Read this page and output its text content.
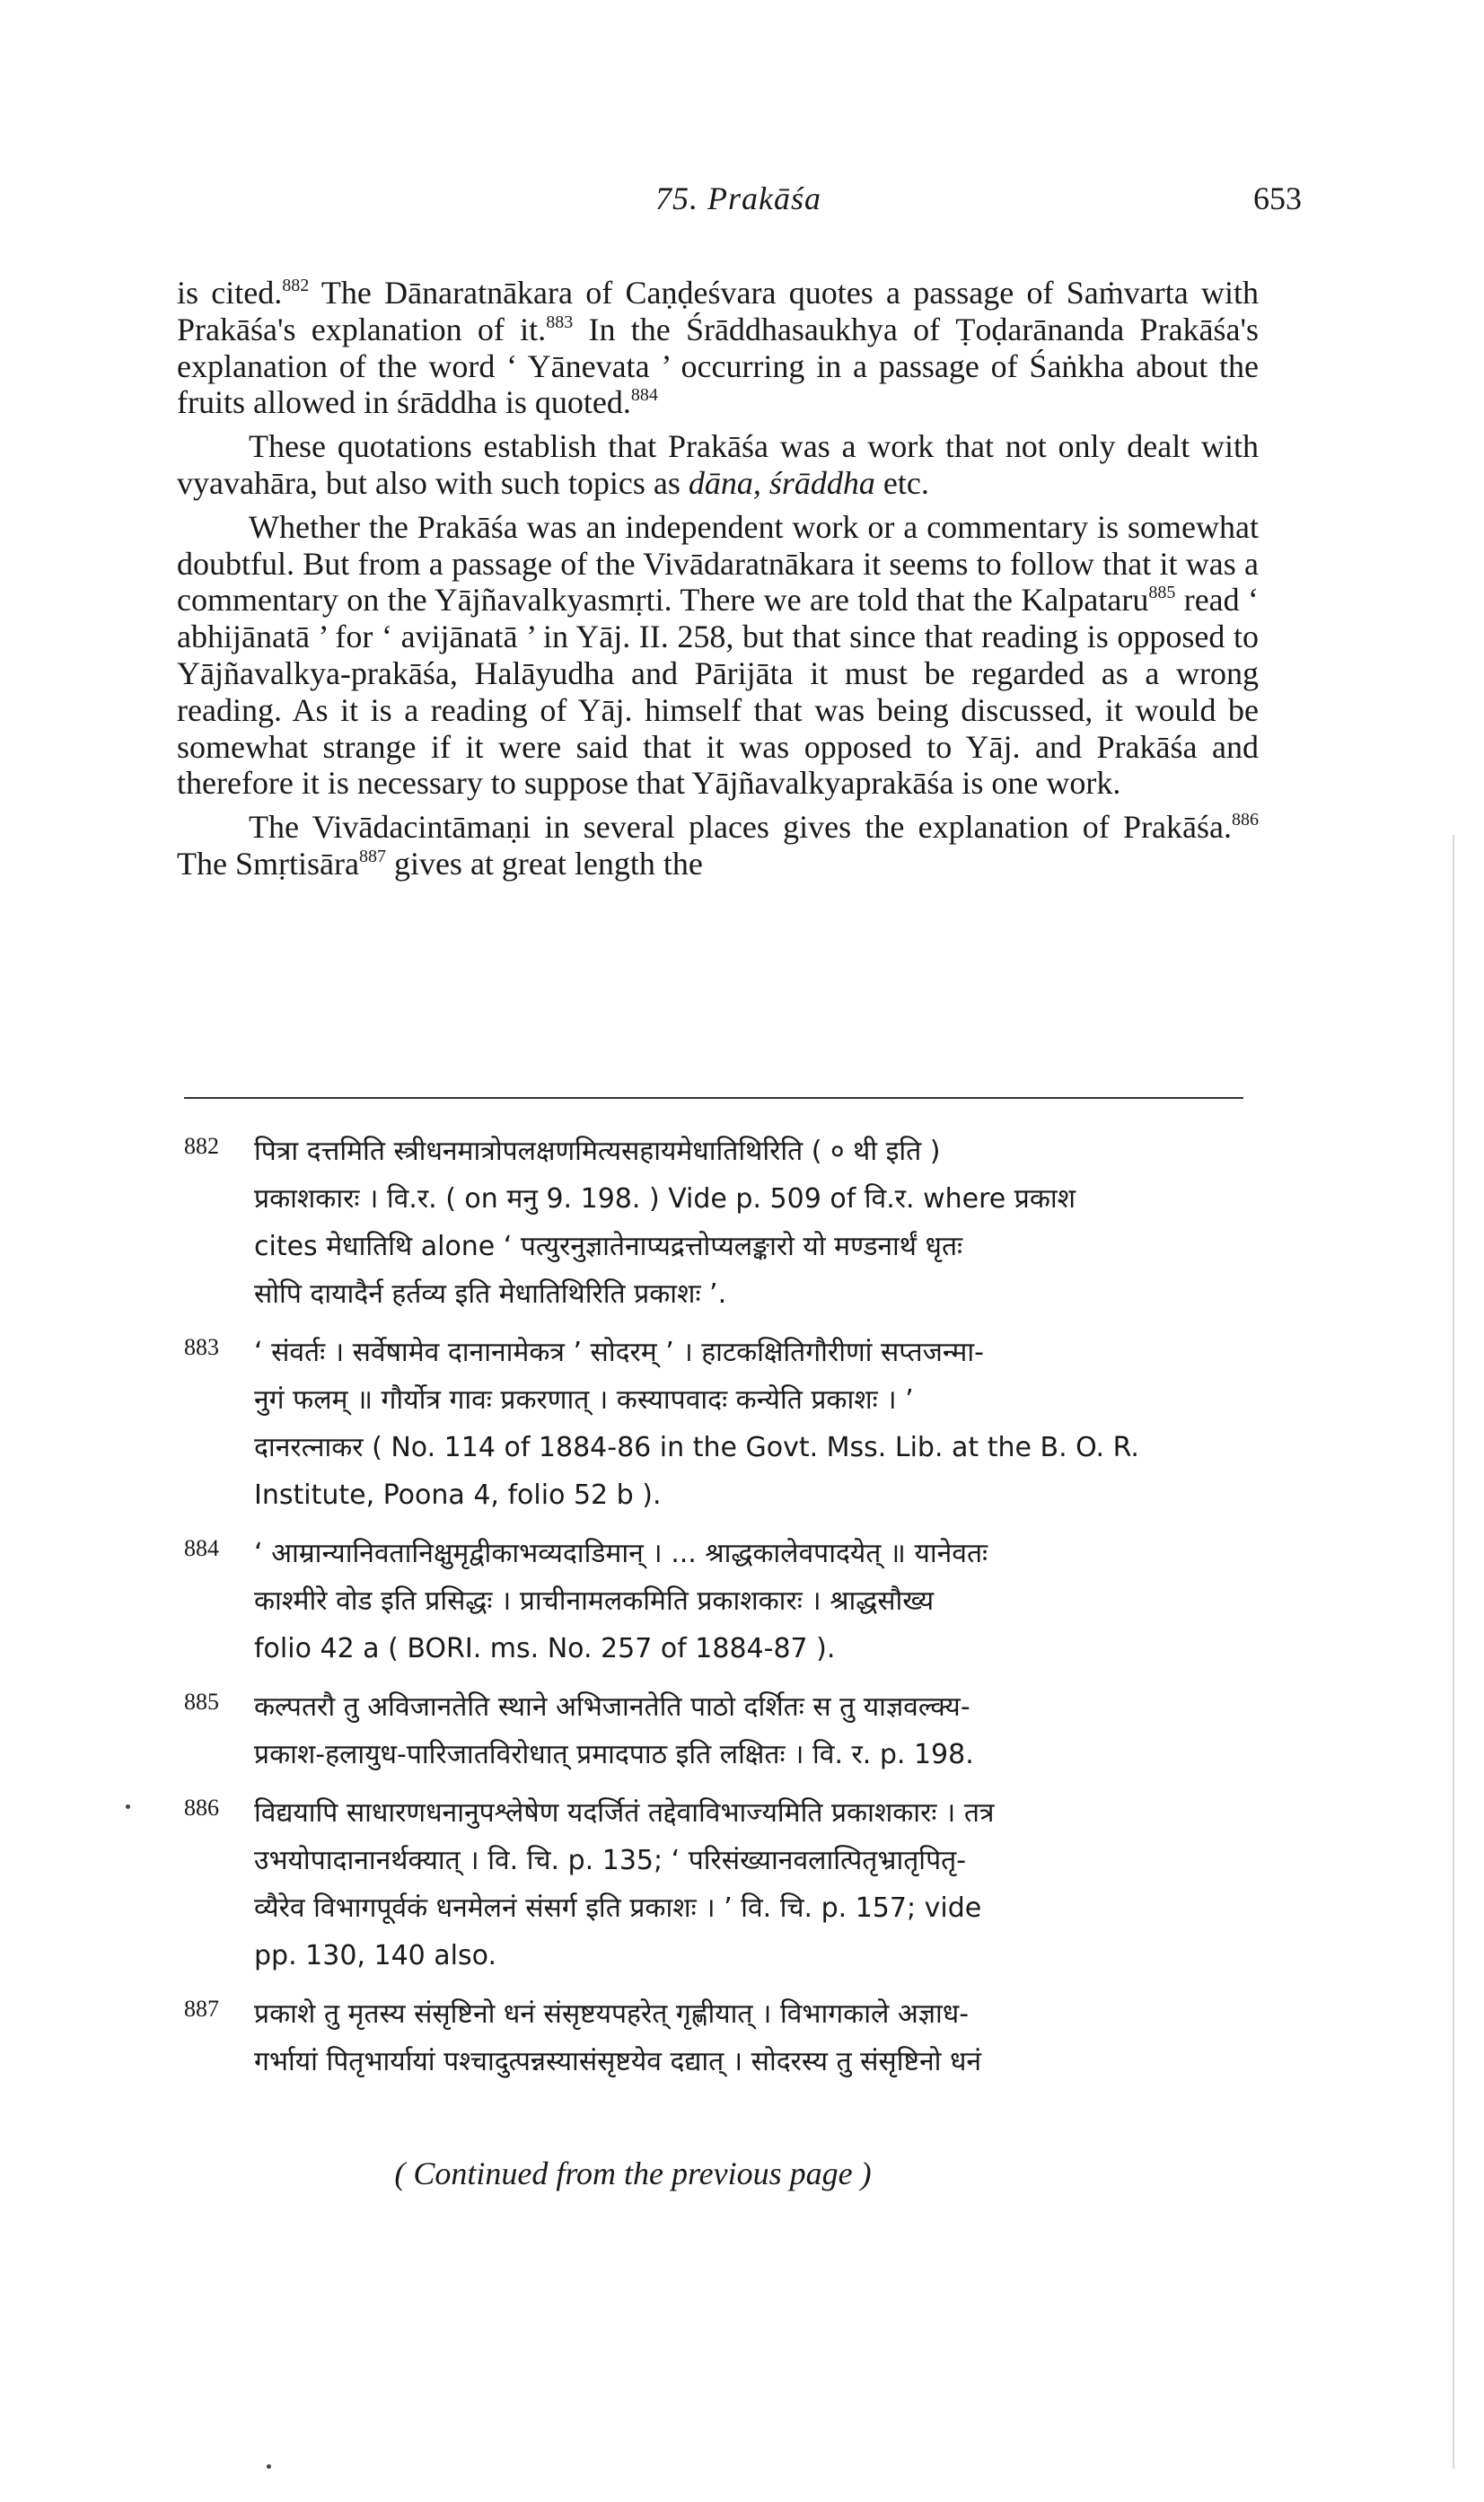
75. Prakāśa	653

is cited.$^{882}$ The Dānaratnākara of Caṇḍeśvara quotes a passage of Saṁvarta with Prakāśa's explanation of it.$^{883}$ In the Śrāddhasaukhya of Ṭoḍarānanda Prakāśa's explanation of the word ‘ Yānevata ’ occurring in a passage of Śaṅkha about the fruits allowed in śrāddha is quoted.$^{884}$

These quotations establish that Prakāśa was a work that not only dealt with vyavahāra, but also with such topics as dāna, śrāddha etc.

Whether the Prakāśa was an independent work or a commentary is somewhat doubtful. But from a passage of the Vivādaratnākara it seems to follow that it was a commentary on the Yājñavalkyasmṛti. There we are told that the Kalpataru$^{885}$ read ‘ abhijānatā ’ for ‘ avijānatā ’ in Yāj. II. 258, but that since that reading is opposed to Yājñavalkya-prakāśa, Halāyudha and Pārijāta it must be regarded as a wrong reading. As it is a reading of Yāj. himself that was being discussed, it would be somewhat strange if it were said that it was opposed to Yāj. and Prakāśa and therefore it is necessary to suppose that Yājñavalkyaprakāśa is one work.

The Vivādacintāmaṇi in several places gives the explanation of Prakāśa.$^{886}$ The Smṛtisāra$^{887}$ gives at great length the

882 पित्रा दत्तमिति स्त्रीधनमात्रोपलक्षणमित्यसहायमेधातिथिरिति ( ० थी इति )
प्रकाशकारः । वि.र. ( on मनु 9. 198. ) Vide p. 509 of वि.र. where प्रकाश
cites मेधातिथि alone ‘ पत्युरनुज्ञातेनाप्यद्रत्तोप्यलङ्कारो यो मण्डनार्थं धृतः
सोपि दायादैर्न हर्तव्य इति मेधातिथिरिति प्रकाशः ’.
883 ‘ संवर्तः । सर्वेषामेव दानानामेकत्र ’ सोदरम् ’ । हाटकक्षितिगौरीणां सप्तजन्मा-
नुगं फलम् ॥ गौर्योत्र गावः प्रकरणात् । कस्यापवादः कन्येति प्रकाशः । ’
दानरत्नाकर ( No. 114 of 1884-86 in the Govt. Mss. Lib. at the B. O. R.
Institute, Poona 4, folio 52 b ).
884 ‘ आम्रान्यानिवतानिक्षुमृद्वीकाभव्यदाडिमान् । ... श्राद्धकालेवपादयेत् ॥ यानेवतः
काश्मीरे वोड इति प्रसिद्धः । प्राचीनामलकमिति प्रकाशकारः । श्राद्धसौख्य
folio 42 a ( BORI. ms. No. 257 of 1884-87 ).
885 कल्पतरौ तु अविजानतेति स्थाने अभिजानतेति पाठो दर्शितः स तु याज्ञवल्क्य-
प्रकाश-हलायुध-पारिजातविरोधात् प्रमादपाठ इति लक्षितः । वि. र. p. 198.
886 विद्ययापि साधारणधनानुपश्लेषेण यदर्जितं तद्देवाविभाज्यमिति प्रकाशकारः । तत्र
उभयोपादानानर्थक्यात् । वि. चि. p. 135; ‘ परिसंख्यानवलात्पितृभ्रातृपितृ-
व्यैरेव विभागपूर्वकं धनमेलनं संसर्ग इति प्रकाशः । ’ वि. चि. p. 157; vide
pp. 130, 140 also.
887 प्रकाशे तु मृतस्य संसृष्टिनो धनं संसृष्टयपहरेत् गृह्णीयात् । विभागकाले अज्ञाध-
गर्भायां पितृभार्यायां पश्चादुत्पन्नस्यासंसृष्टयेव दद्यात् । सोदरस्य तु संसृष्टिनो धनं
( Continued from the previous page )
